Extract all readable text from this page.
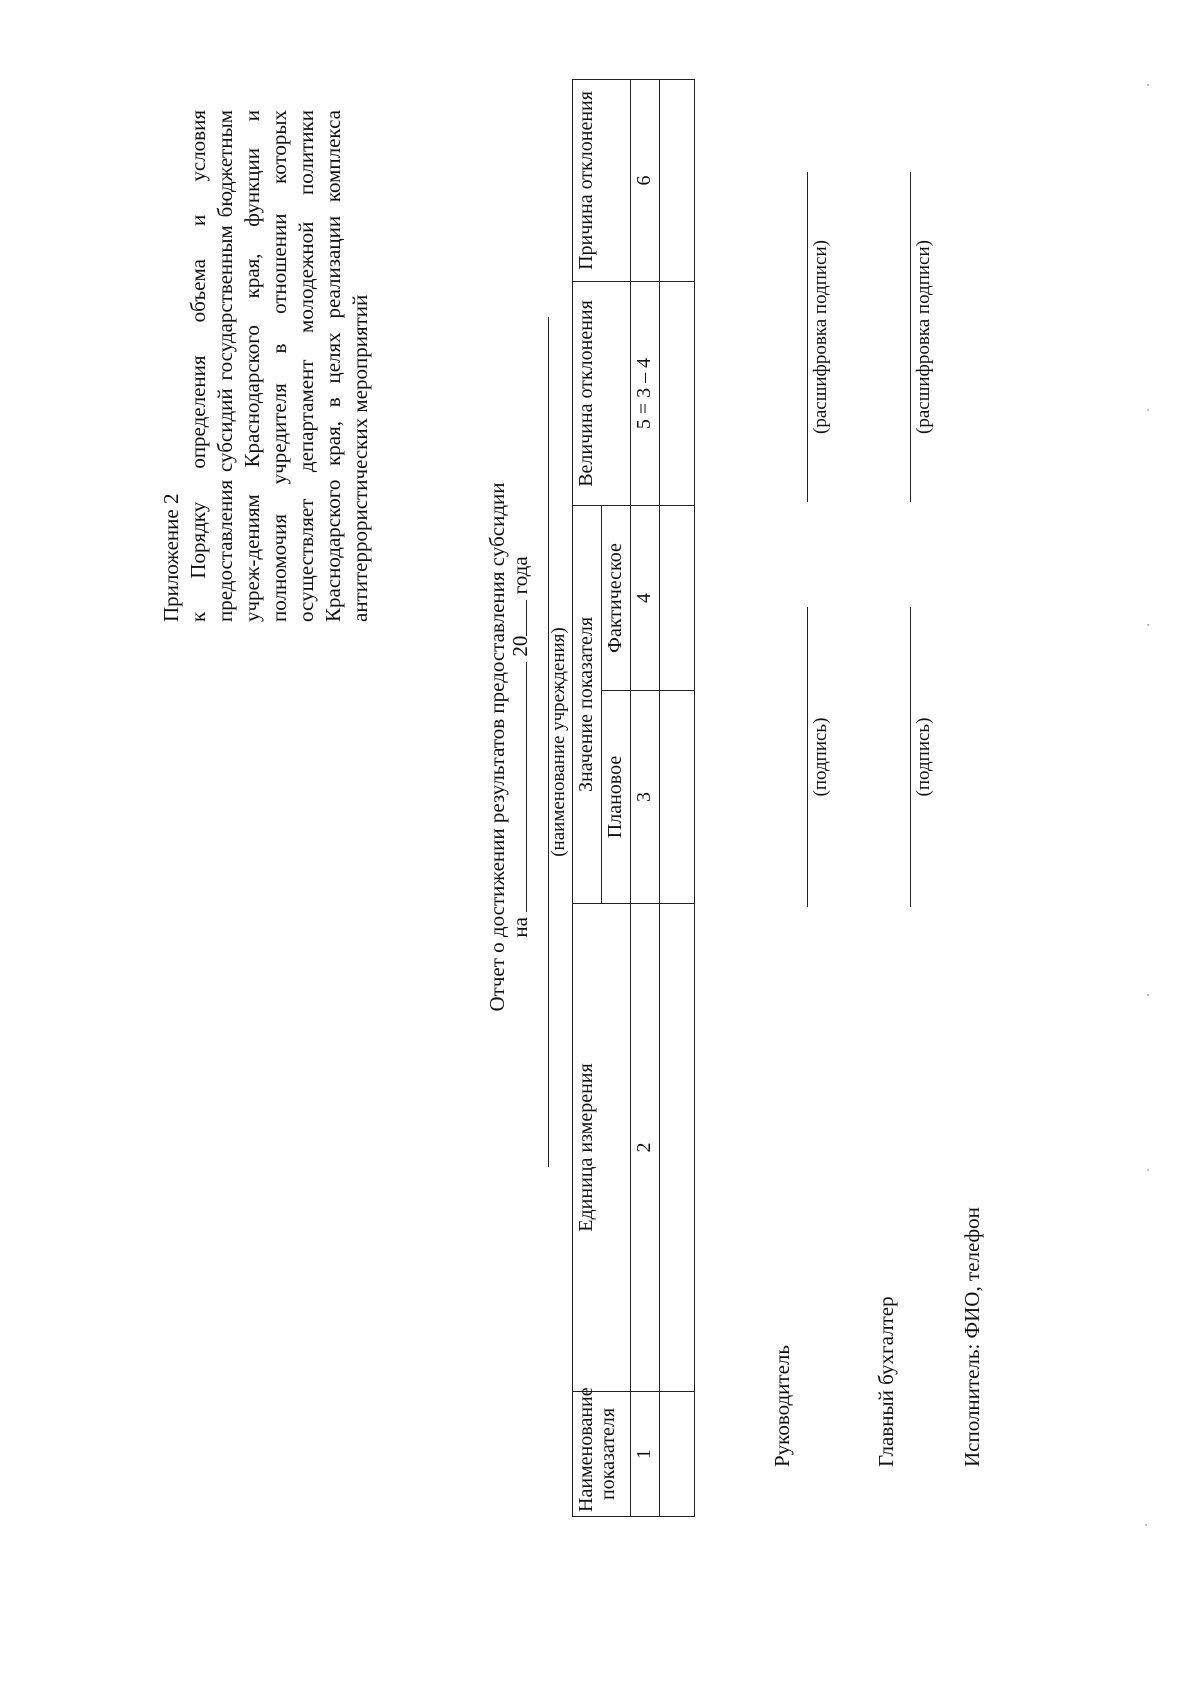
Приложение 2 к Порядку определения объема и условия предоставления субсидий государственным бюджетным учреж-дениям Краснодарского края, функции и полномочия учредителя в отношении которых осуществляет департамент молодежной политики Краснодарского края, в целях реализации комплекса антитеррористических мероприятий
Отчет о достижении результатов предоставления субсидии на  20 года
(наименование учреждения)
Наименование показателя	Единица измерения	Значение показателя		Величина отклонения	Причина отклонения
		Плановое	Фактическое		
1	2	3	4	5 = 3 – 4	6

Руководитель
(подпись)
(расшифровка подписи)
Главный бухгалтер
(подпись)
(расшифровка подписи)
Исполнитель: ФИО, телефон
·
·
·
·
·
·
